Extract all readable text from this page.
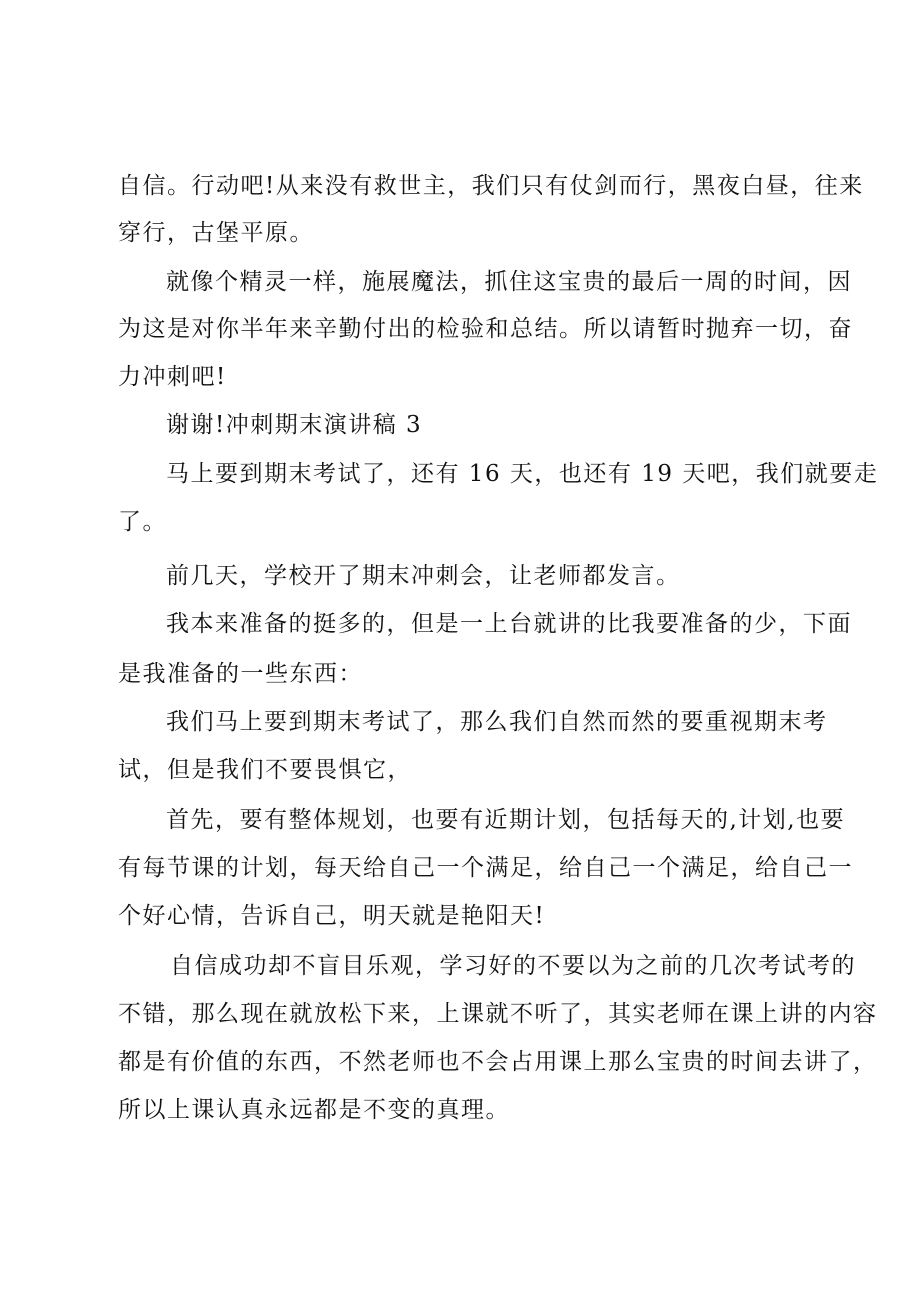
自信。行动吧!从来没有救世主，我们只有仗剑而行，黑夜白昼，往来
穿行，古堡平原。
就像个精灵一样，施展魔法，抓住这宝贵的最后一周的时间，因
为这是对你半年来辛勤付出的检验和总结。所以请暂时抛弃一切，奋
力冲刺吧!
谢谢!冲刺期末演讲稿 3
马上要到期末考试了，还有 16 天，也还有 19 天吧，我们就要走
了。
前几天，学校开了期末冲刺会，让老师都发言。
我本来准备的挺多的，但是一上台就讲的比我要准备的少，下面
是我准备的一些东西：
我们马上要到期末考试了，那么我们自然而然的要重视期末考
试，但是我们不要畏惧它，
首先，要有整体规划，也要有近期计划，包括每天的,计划,也要
有每节课的计划，每天给自己一个满足，给自己一个满足，给自己一
个好心情，告诉自己，明天就是艳阳天!
自信成功却不盲目乐观，学习好的不要以为之前的几次考试考的
不错，那么现在就放松下来，上课就不听了，其实老师在课上讲的内容
都是有价值的东西，不然老师也不会占用课上那么宝贵的时间去讲了，
所以上课认真永远都是不变的真理。
